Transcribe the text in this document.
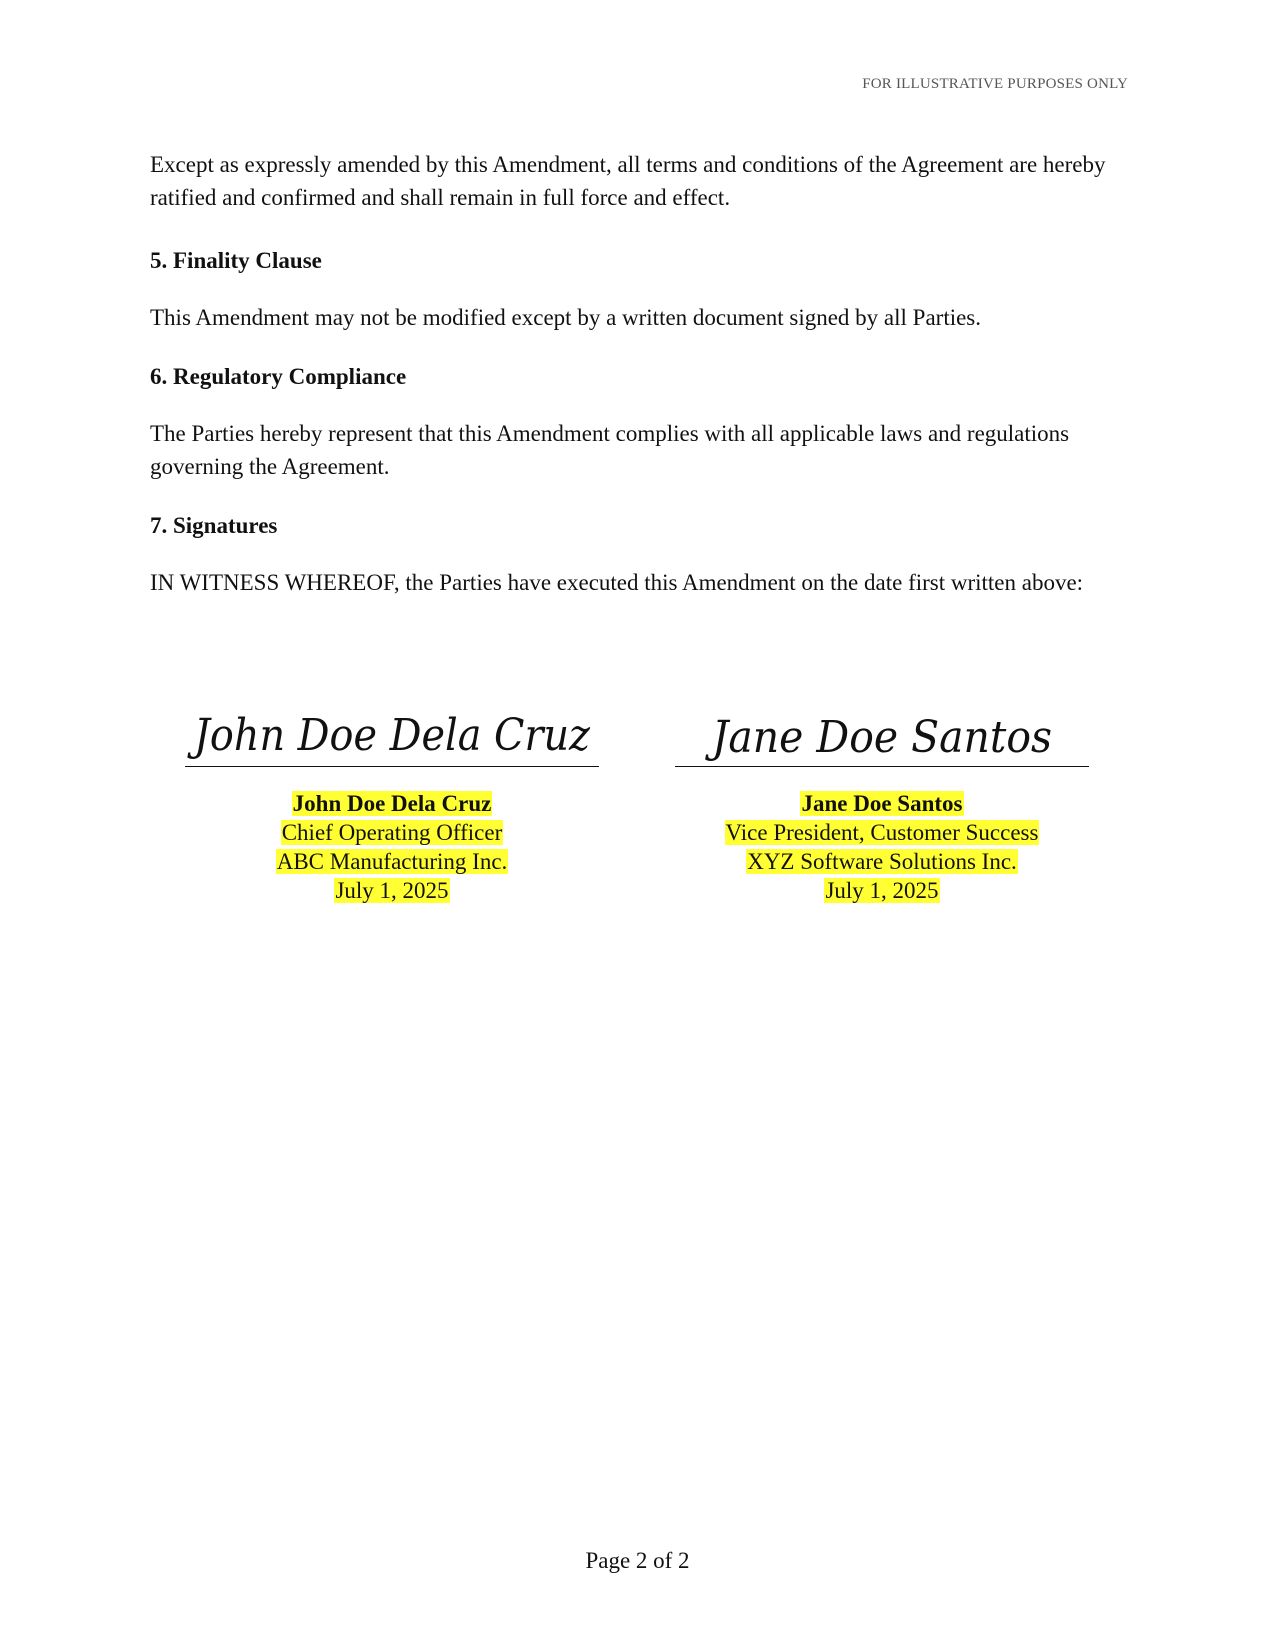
FOR ILLUSTRATIVE PURPOSES ONLY

Except as expressly amended by this Amendment, all terms and conditions of the Agreement are hereby ratified and confirmed and shall remain in full force and effect.

5. Finality Clause

This Amendment may not be modified except by a written document signed by all Parties.

6. Regulatory Compliance

The Parties hereby represent that this Amendment complies with all applicable laws and regulations governing the Agreement.

7. Signatures

IN WITNESS WHEREOF, the Parties have executed this Amendment on the date first written above:

John Doe Dela Cruz
John Doe Dela Cruz
Chief Operating Officer
ABC Manufacturing Inc.
July 1, 2025
Jane Doe Santos
Jane Doe Santos
Vice President, Customer Success
XYZ Software Solutions Inc.
July 1, 2025
Page 2 of 2
